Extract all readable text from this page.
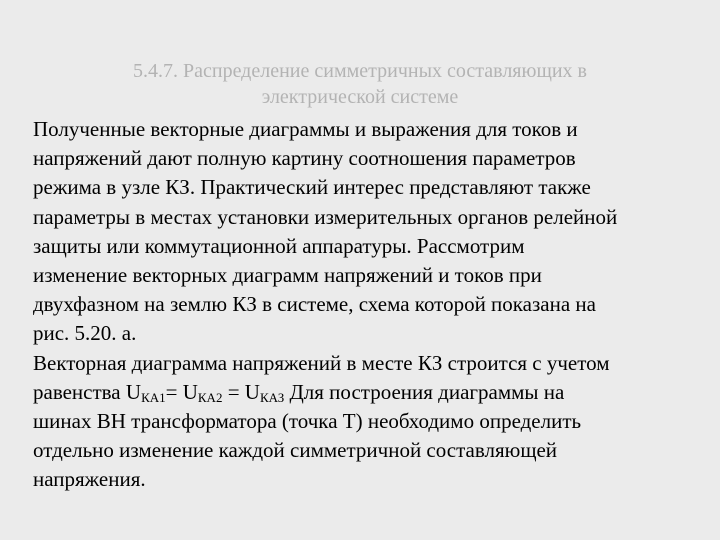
5.4.7. Распределение симметричных составляющих в
электрической системе
Полученные векторные диаграммы и выражения для токов и
напряжений дают полную картину соотношения параметров
режима в узле КЗ. Практический интерес представляют также
параметры в местах установки измерительных органов релейной
защиты или коммутационной аппаратуры. Рассмотрим
изменение векторных диаграмм напряжений и токов при
двухфазном на землю КЗ в системе, схема которой показана на
рис. 5.20. а.
Векторная диаграмма напряжений в месте КЗ строится с учетом
равенства $U_{КА1}= U_{КА2} = U_{КАЗ}$ Для построения диаграммы на
шинах ВН трансформатора (точка Т) необходимо определить
отдельно изменение каждой симметричной составляющей
напряжения.
